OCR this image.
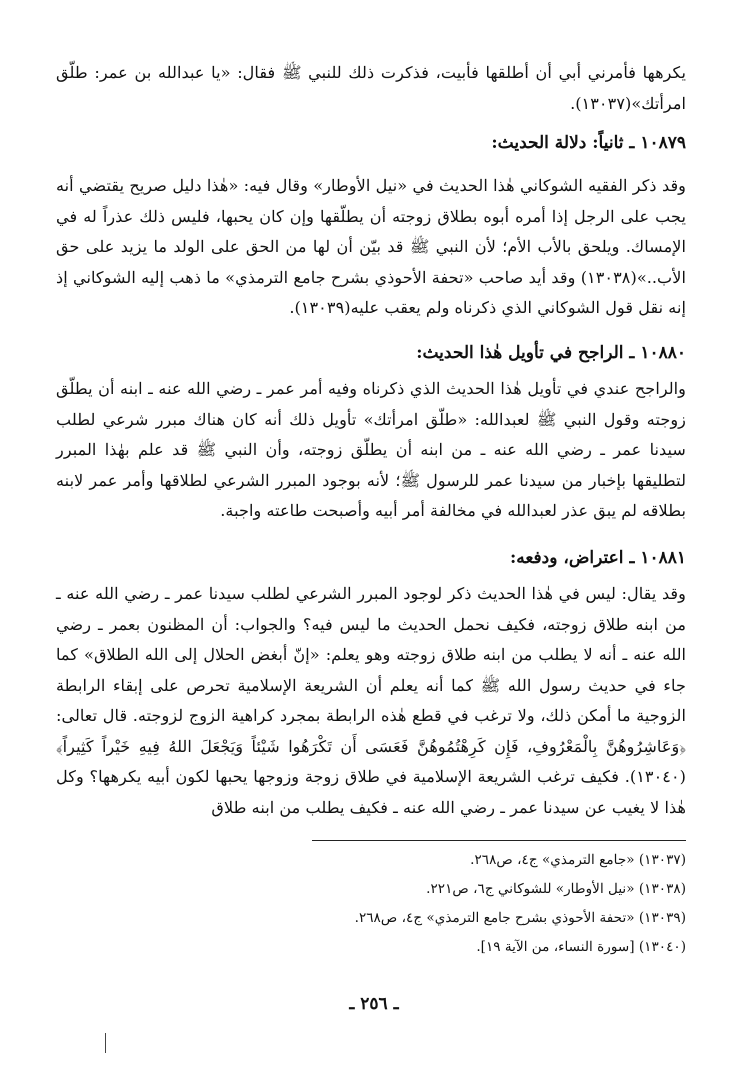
يكرهها فأمرني أبي أن أطلقها فأبيت، فذكرت ذلك للنبي ﷺ فقال: «يا عبدالله بن عمر: طلّق امرأتك»(١٣٠٣٧).
١٠٨٧٩ ـ ثانياً: دلالة الحديث:
وقد ذكر الفقيه الشوكاني هٰذا الحديث في «نيل الأوطار» وقال فيه: «هٰذا دليل صريح يقتضي أنه يجب على الرجل إذا أمره أبوه بطلاق زوجته أن يطلّقها وإن كان يحبها، فليس ذلك عذراً له في الإمساك. ويلحق بالأب الأم؛ لأن النبي ﷺ قد بيّن أن لها من الحق على الولد ما يزيد على حق الأب..»(١٣٠٣٨) وقد أيد صاحب «تحفة الأحوذي بشرح جامع الترمذي» ما ذهب إليه الشوكاني إذ إنه نقل قول الشوكاني الذي ذكرناه ولم يعقب عليه(١٣٠٣٩).
١٠٨٨٠ ـ الراجح في تأويل هٰذا الحديث:
والراجح عندي في تأويل هٰذا الحديث الذي ذكرناه وفيه أمر عمر ـ رضي الله عنه ـ ابنه أن يطلّق زوجته وقول النبي ﷺ لعبدالله: «طلّق امرأتك» تأويل ذلك أنه كان هناك مبرر شرعي لطلب سيدنا عمر ـ رضي الله عنه ـ من ابنه أن يطلّق زوجته، وأن النبي ﷺ قد علم بهٰذا المبرر لتطليقها بإخبار من سيدنا عمر للرسول ﷺ؛ لأنه بوجود المبرر الشرعي لطلاقها وأمر عمر لابنه بطلاقه لم يبق عذر لعبدالله في مخالفة أمر أبيه وأصبحت طاعته واجبة.
١٠٨٨١ ـ اعتراض، ودفعه:
وقد يقال: ليس في هٰذا الحديث ذكر لوجود المبرر الشرعي لطلب سيدنا عمر ـ رضي الله عنه ـ من ابنه طلاق زوجته، فكيف نحمل الحديث ما ليس فيه؟ والجواب: أن المظنون بعمر ـ رضي الله عنه ـ أنه لا يطلب من ابنه طلاق زوجته وهو يعلم: «إنّ أبغض الحلال إلى الله الطلاق» كما جاء في حديث رسول الله ﷺ كما أنه يعلم أن الشريعة الإسلامية تحرص على إبقاء الرابطة الزوجية ما أمكن ذلك، ولا ترغب في قطع هٰذه الرابطة بمجرد كراهية الزوج لزوجته. قال تعالى: ﴿وَعَاشِرُوهُنَّ بِالْمَعْرُوفِ، فَإِن كَرِهْتُمُوهُنَّ فَعَسَى أَن تَكْرَهُوا شَيْئاً وَيَجْعَلَ اللهُ فِيهِ خَيْراً كَثِيراً﴾(١٣٠٤٠). فكيف ترغب الشريعة الإسلامية في طلاق زوجة وزوجها يحبها لكون أبيه يكرهها؟ وكل هٰذا لا يغيب عن سيدنا عمر ـ رضي الله عنه ـ فكيف يطلب من ابنه طلاق
(١٣٠٣٧) «جامع الترمذي» ج٤، ص٢٦٨.
(١٣٠٣٨) «نيل الأوطار» للشوكاني ج٦، ص٢٢١.
(١٣٠٣٩) «تحفة الأحوذي بشرح جامع الترمذي» ج٤، ص٢٦٨.
(١٣٠٤٠) [سورة النساء، من الآية ١٩].
ـ ٢٥٦ ـ
